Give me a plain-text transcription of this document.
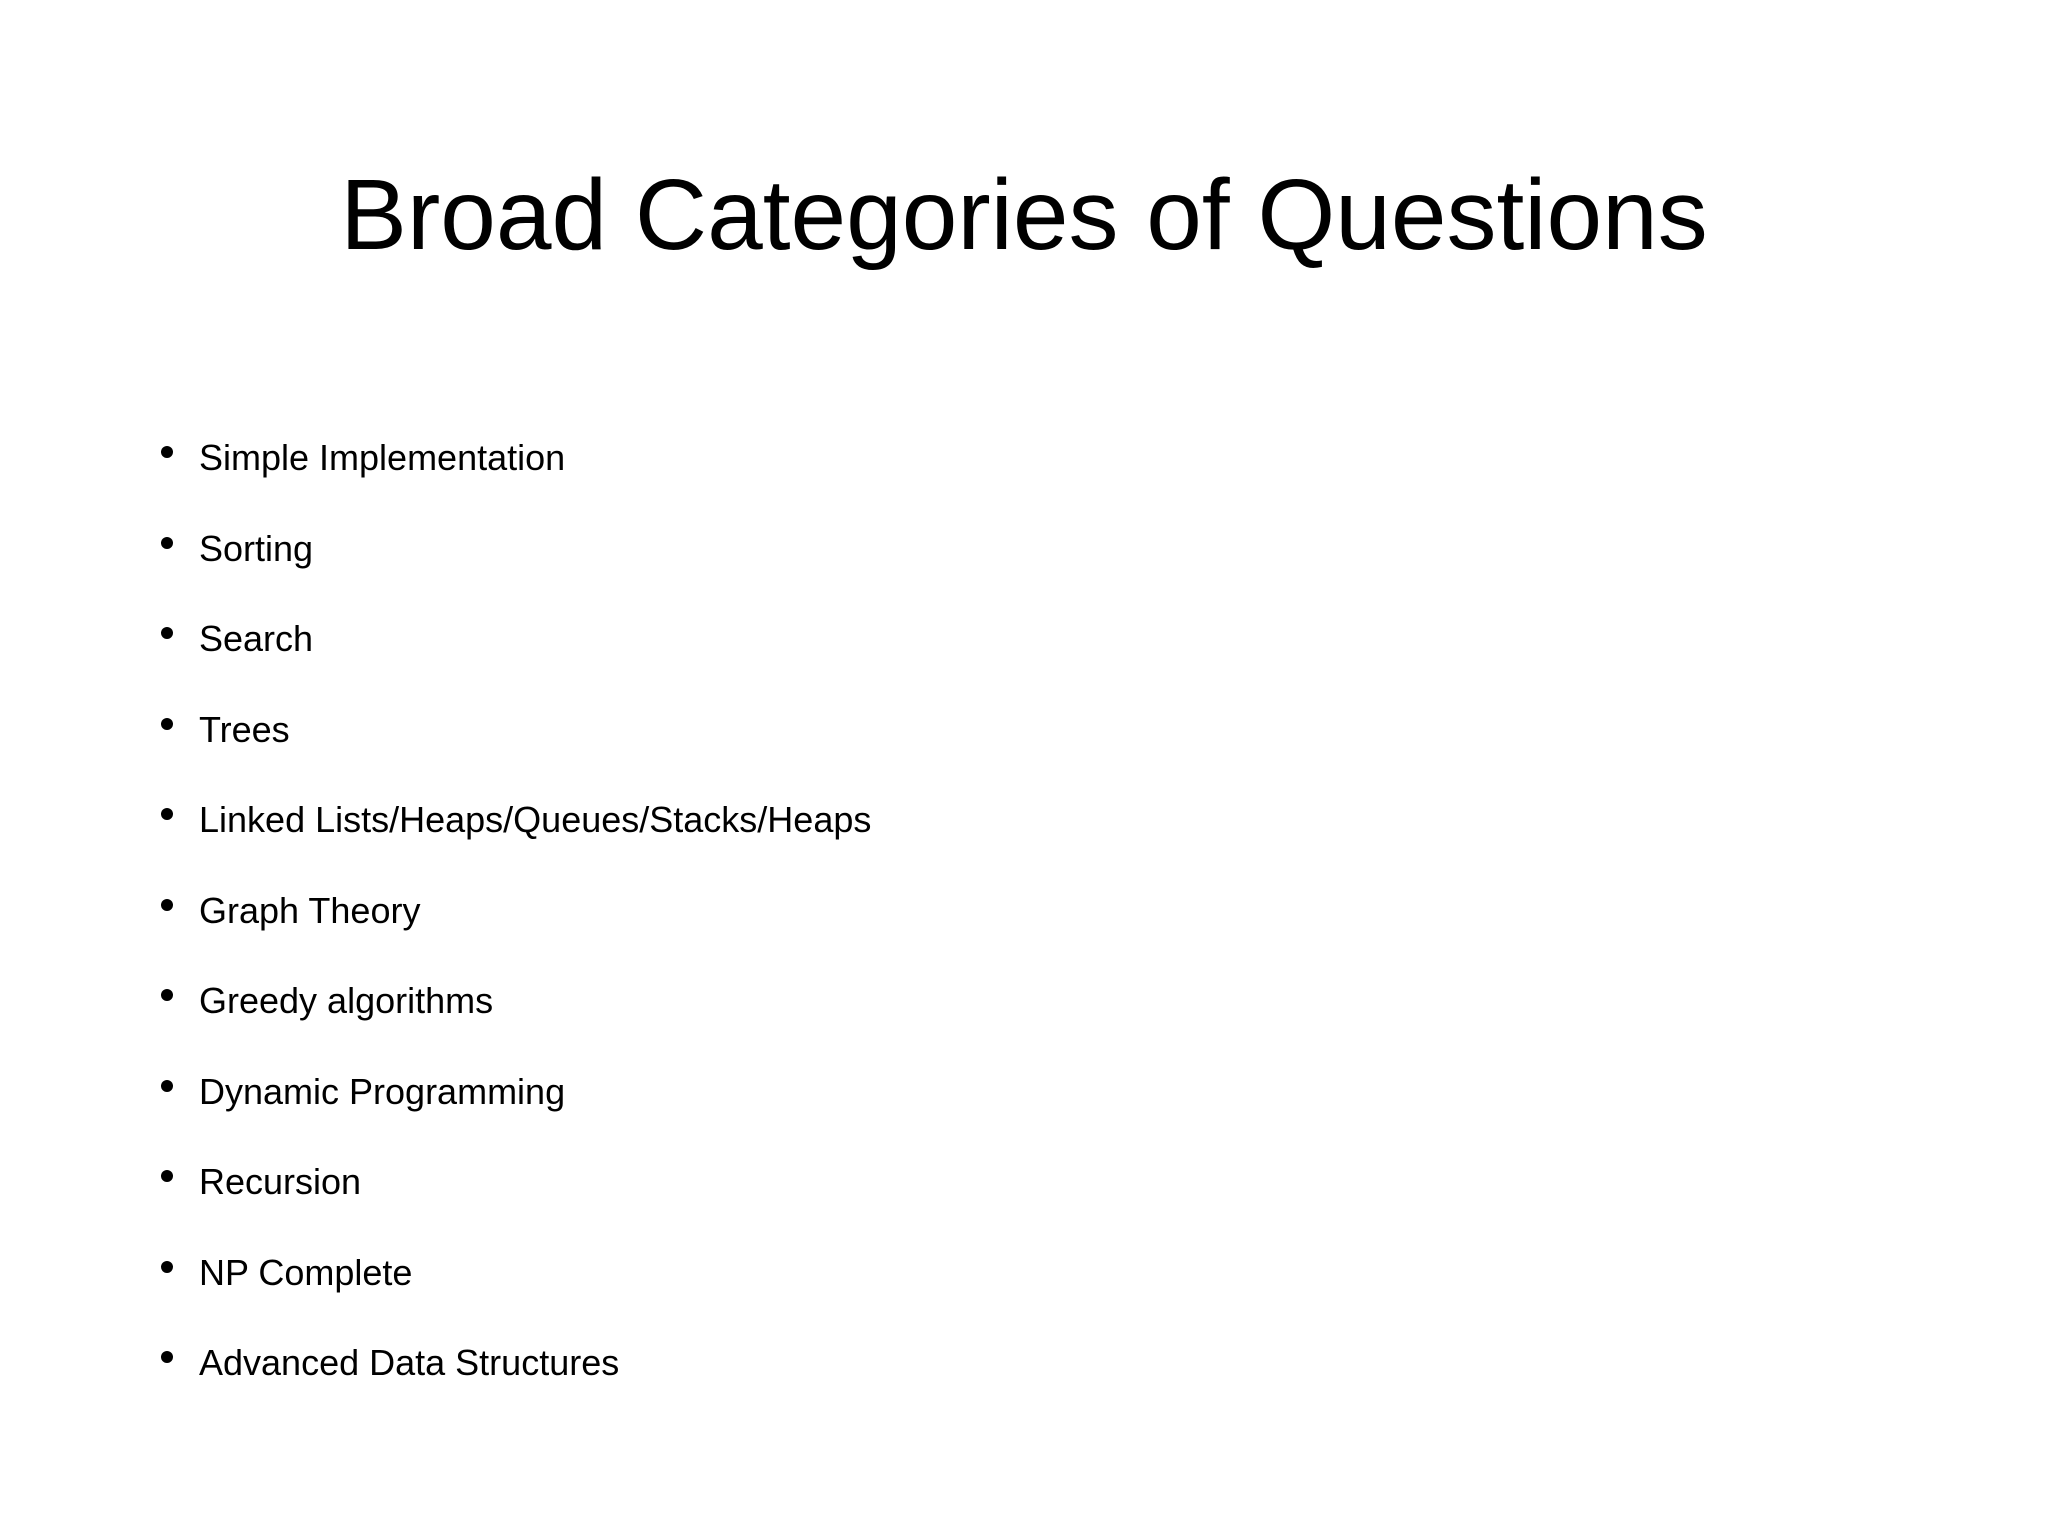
Broad Categories of Questions
Simple Implementation
Sorting
Search
Trees
Linked Lists/Heaps/Queues/Stacks/Heaps
Graph Theory
Greedy algorithms
Dynamic Programming
Recursion
NP Complete
Advanced Data Structures
